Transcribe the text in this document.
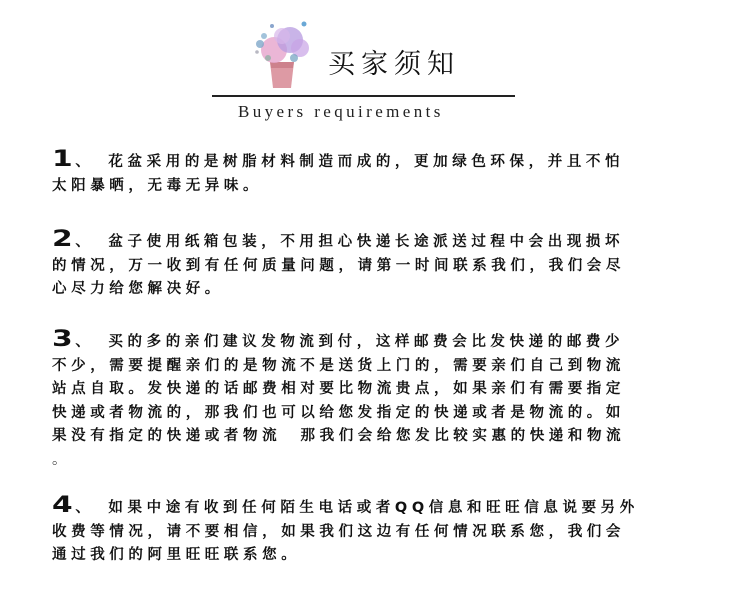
买家须知
Buyers requirements
1 、 花盆采用的是树脂材料制造而成的，更加绿色环保，并且不怕
太阳暴晒，无毒无异味。
2 、 盆子使用纸箱包装，不用担心快递长途派送过程中会出现损坏
的情况，万一收到有任何质量问题，请第一时间联系我们，我们会尽
心尽力给您解决好。
3 、 买的多的亲们建议发物流到付，这样邮费会比发快递的邮费少
不少，需要提醒亲们的是物流不是送货上门的，需要亲们自己到物流
站点自取。发快递的话邮费相对要比物流贵点，如果亲们有需要指定
快递或者物流的，那我们也可以给您发指定的快递或者是物流的。如
果没有指定的快递或者物流  那我们会给您发比较实惠的快递和物流
。
4 、 如果中途有收到任何陌生电话或者QQ信息和旺旺信息说要另外
收费等情况，请不要相信，如果我们这边有任何情况联系您，我们会
通过我们的阿里旺旺联系您。
